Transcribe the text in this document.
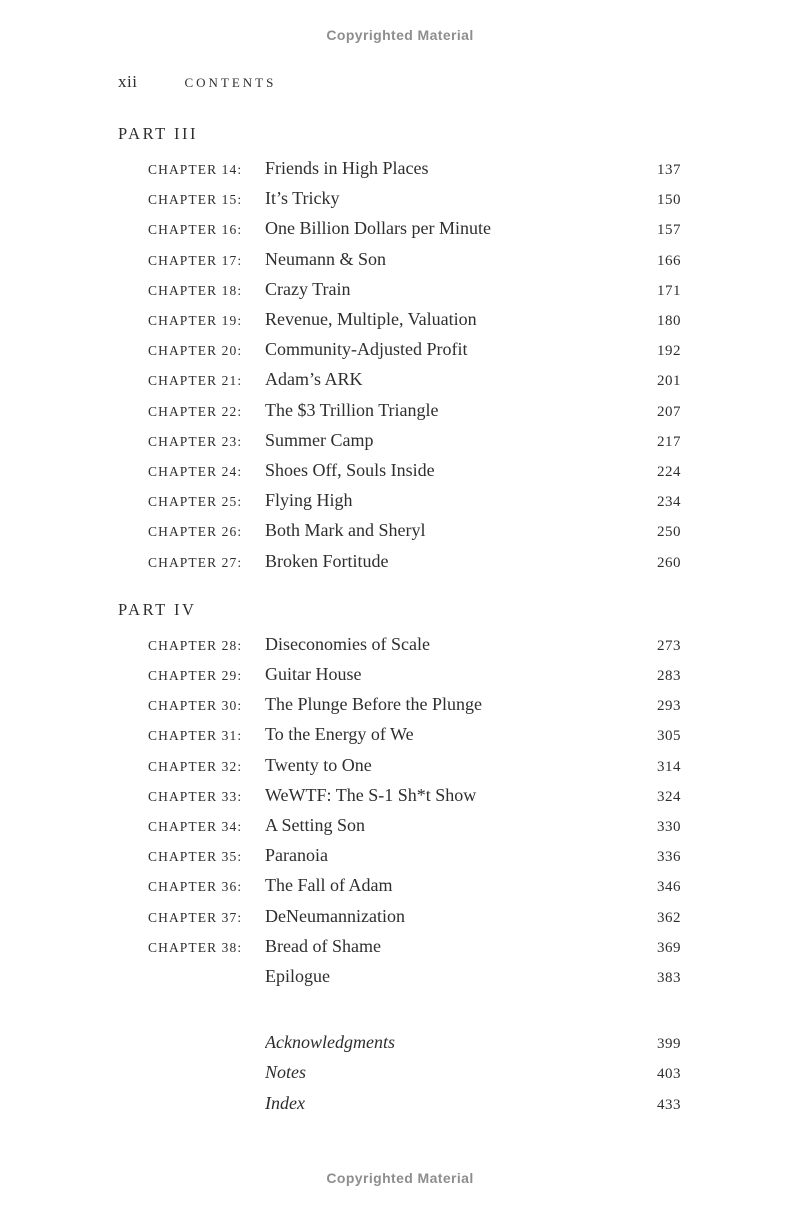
Copyrighted Material
xii	CONTENTS
PART III
CHAPTER 14:	Friends in High Places	137
CHAPTER 15:	It’s Tricky	150
CHAPTER 16:	One Billion Dollars per Minute	157
CHAPTER 17:	Neumann & Son	166
CHAPTER 18:	Crazy Train	171
CHAPTER 19:	Revenue, Multiple, Valuation	180
CHAPTER 20:	Community-Adjusted Profit	192
CHAPTER 21:	Adam’s ARK	201
CHAPTER 22:	The $3 Trillion Triangle	207
CHAPTER 23:	Summer Camp	217
CHAPTER 24:	Shoes Off, Souls Inside	224
CHAPTER 25:	Flying High	234
CHAPTER 26:	Both Mark and Sheryl	250
CHAPTER 27:	Broken Fortitude	260
PART IV
CHAPTER 28:	Diseconomies of Scale	273
CHAPTER 29:	Guitar House	283
CHAPTER 30:	The Plunge Before the Plunge	293
CHAPTER 31:	To the Energy of We	305
CHAPTER 32:	Twenty to One	314
CHAPTER 33:	WeWTF: The S-1 Sh*t Show	324
CHAPTER 34:	A Setting Son	330
CHAPTER 35:	Paranoia	336
CHAPTER 36:	The Fall of Adam	346
CHAPTER 37:	DeNeumannization	362
CHAPTER 38:	Bread of Shame	369
Epilogue	383
Acknowledgments	399
Notes	403
Index	433
Copyrighted Material
